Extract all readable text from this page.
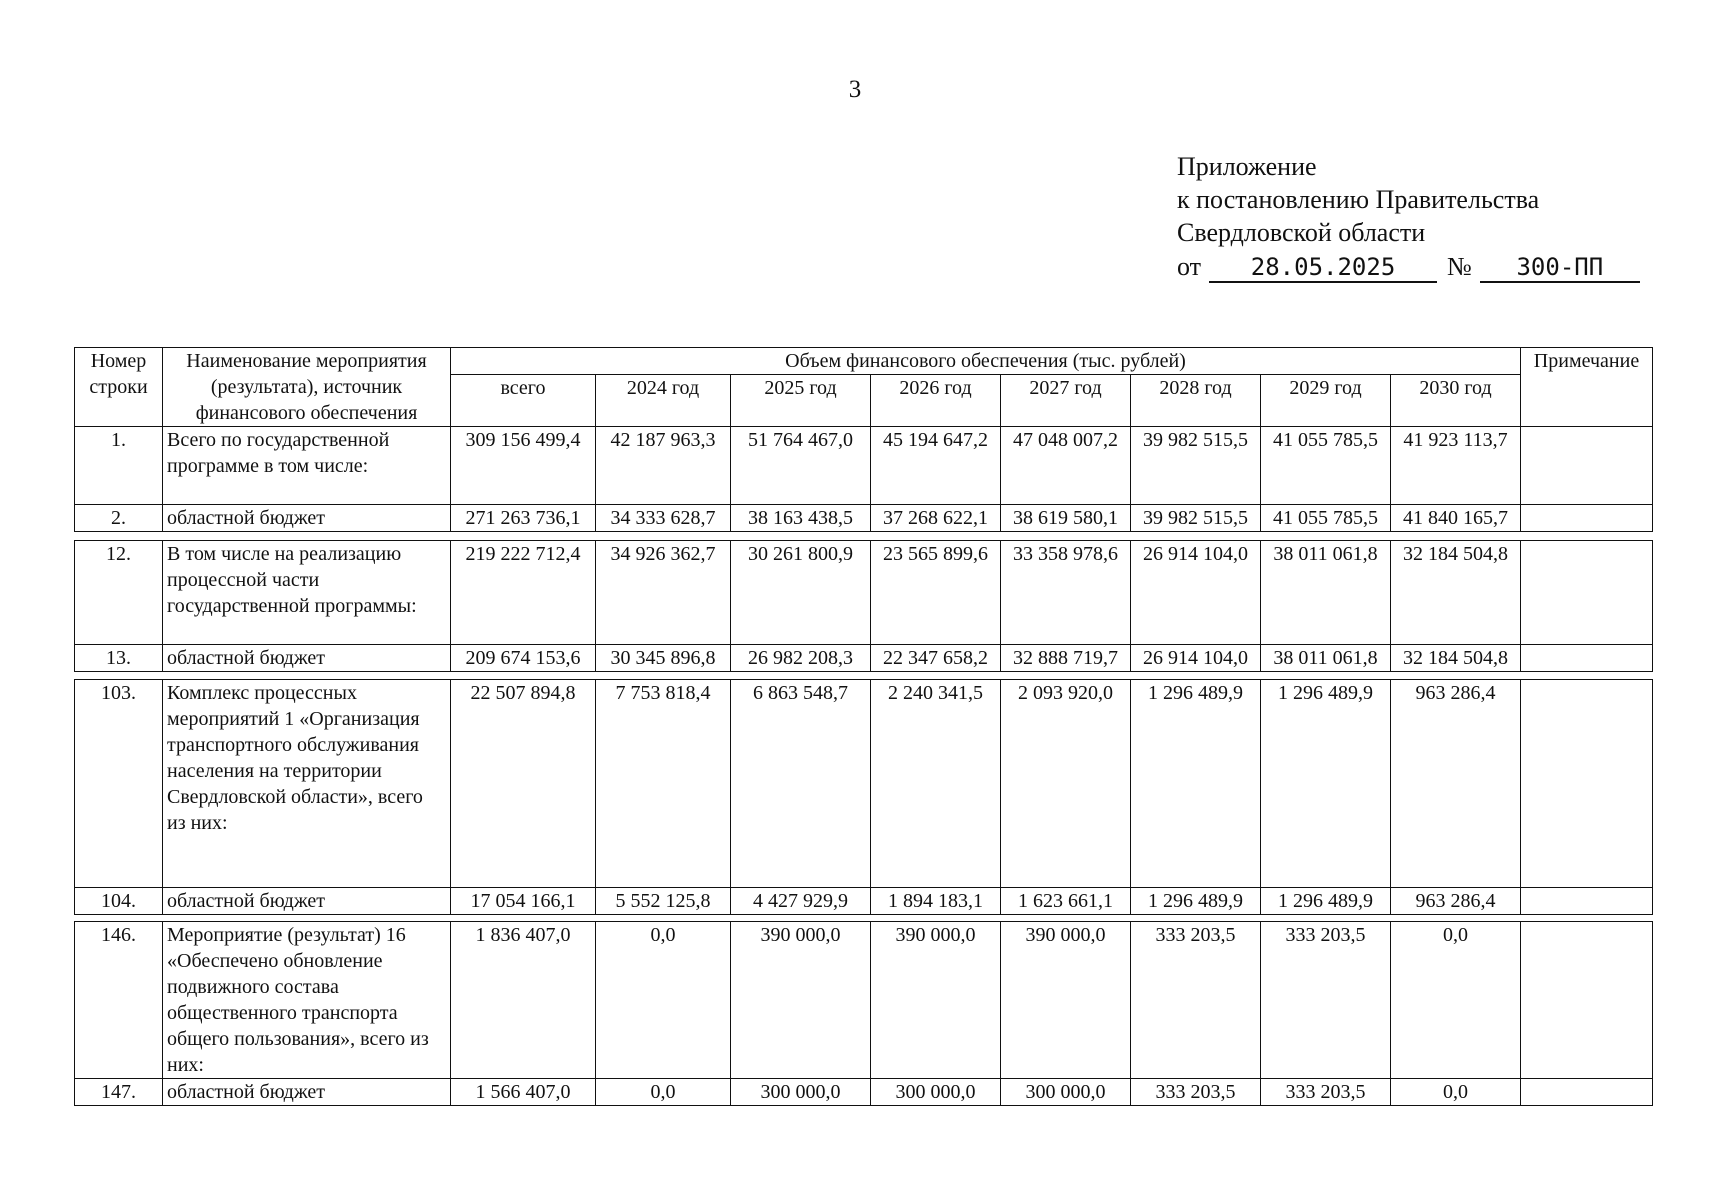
3
Приложение
к постановлению Правительства
Свердловской области
от	28.05.2025	№	300-ПП
Номер строки	Наименование мероприятия (результата), источник финансового обеспечения	Объем финансового обеспечения (тыс. рублей)								Примечание
		всего	2024 год	2025 год	2026 год	2027 год	2028 год	2029 год	2030 год	
1.	Всего по государственной программе в том числе:	309 156 499,4	42 187 963,3	51 764 467,0	45 194 647,2	47 048 007,2	39 982 515,5	41 055 785,5	41 923 113,7	
2.	областной бюджет	271 263 736,1	34 333 628,7	38 163 438,5	37 268 622,1	38 619 580,1	39 982 515,5	41 055 785,5	41 840 165,7	
12.	В том числе на реализацию процессной части государственной программы:	219 222 712,4	34 926 362,7	30 261 800,9	23 565 899,6	33 358 978,6	26 914 104,0	38 011 061,8	32 184 504,8	
13.	областной бюджет	209 674 153,6	30 345 896,8	26 982 208,3	22 347 658,2	32 888 719,7	26 914 104,0	38 011 061,8	32 184 504,8	
103.	Комплекс процессных мероприятий 1 «Организация транспортного обслуживания населения на территории Свердловской области», всего из них:	22 507 894,8	7 753 818,4	6 863 548,7	2 240 341,5	2 093 920,0	1 296 489,9	1 296 489,9	963 286,4	
104.	областной бюджет	17 054 166,1	5 552 125,8	4 427 929,9	1 894 183,1	1 623 661,1	1 296 489,9	1 296 489,9	963 286,4	
146.	Мероприятие (результат) 16 «Обеспечено обновление подвижного состава общественного транспорта общего пользования», всего из них:	1 836 407,0	0,0	390 000,0	390 000,0	390 000,0	333 203,5	333 203,5	0,0	
147.	областной бюджет	1 566 407,0	0,0	300 000,0	300 000,0	300 000,0	333 203,5	333 203,5	0,0	
